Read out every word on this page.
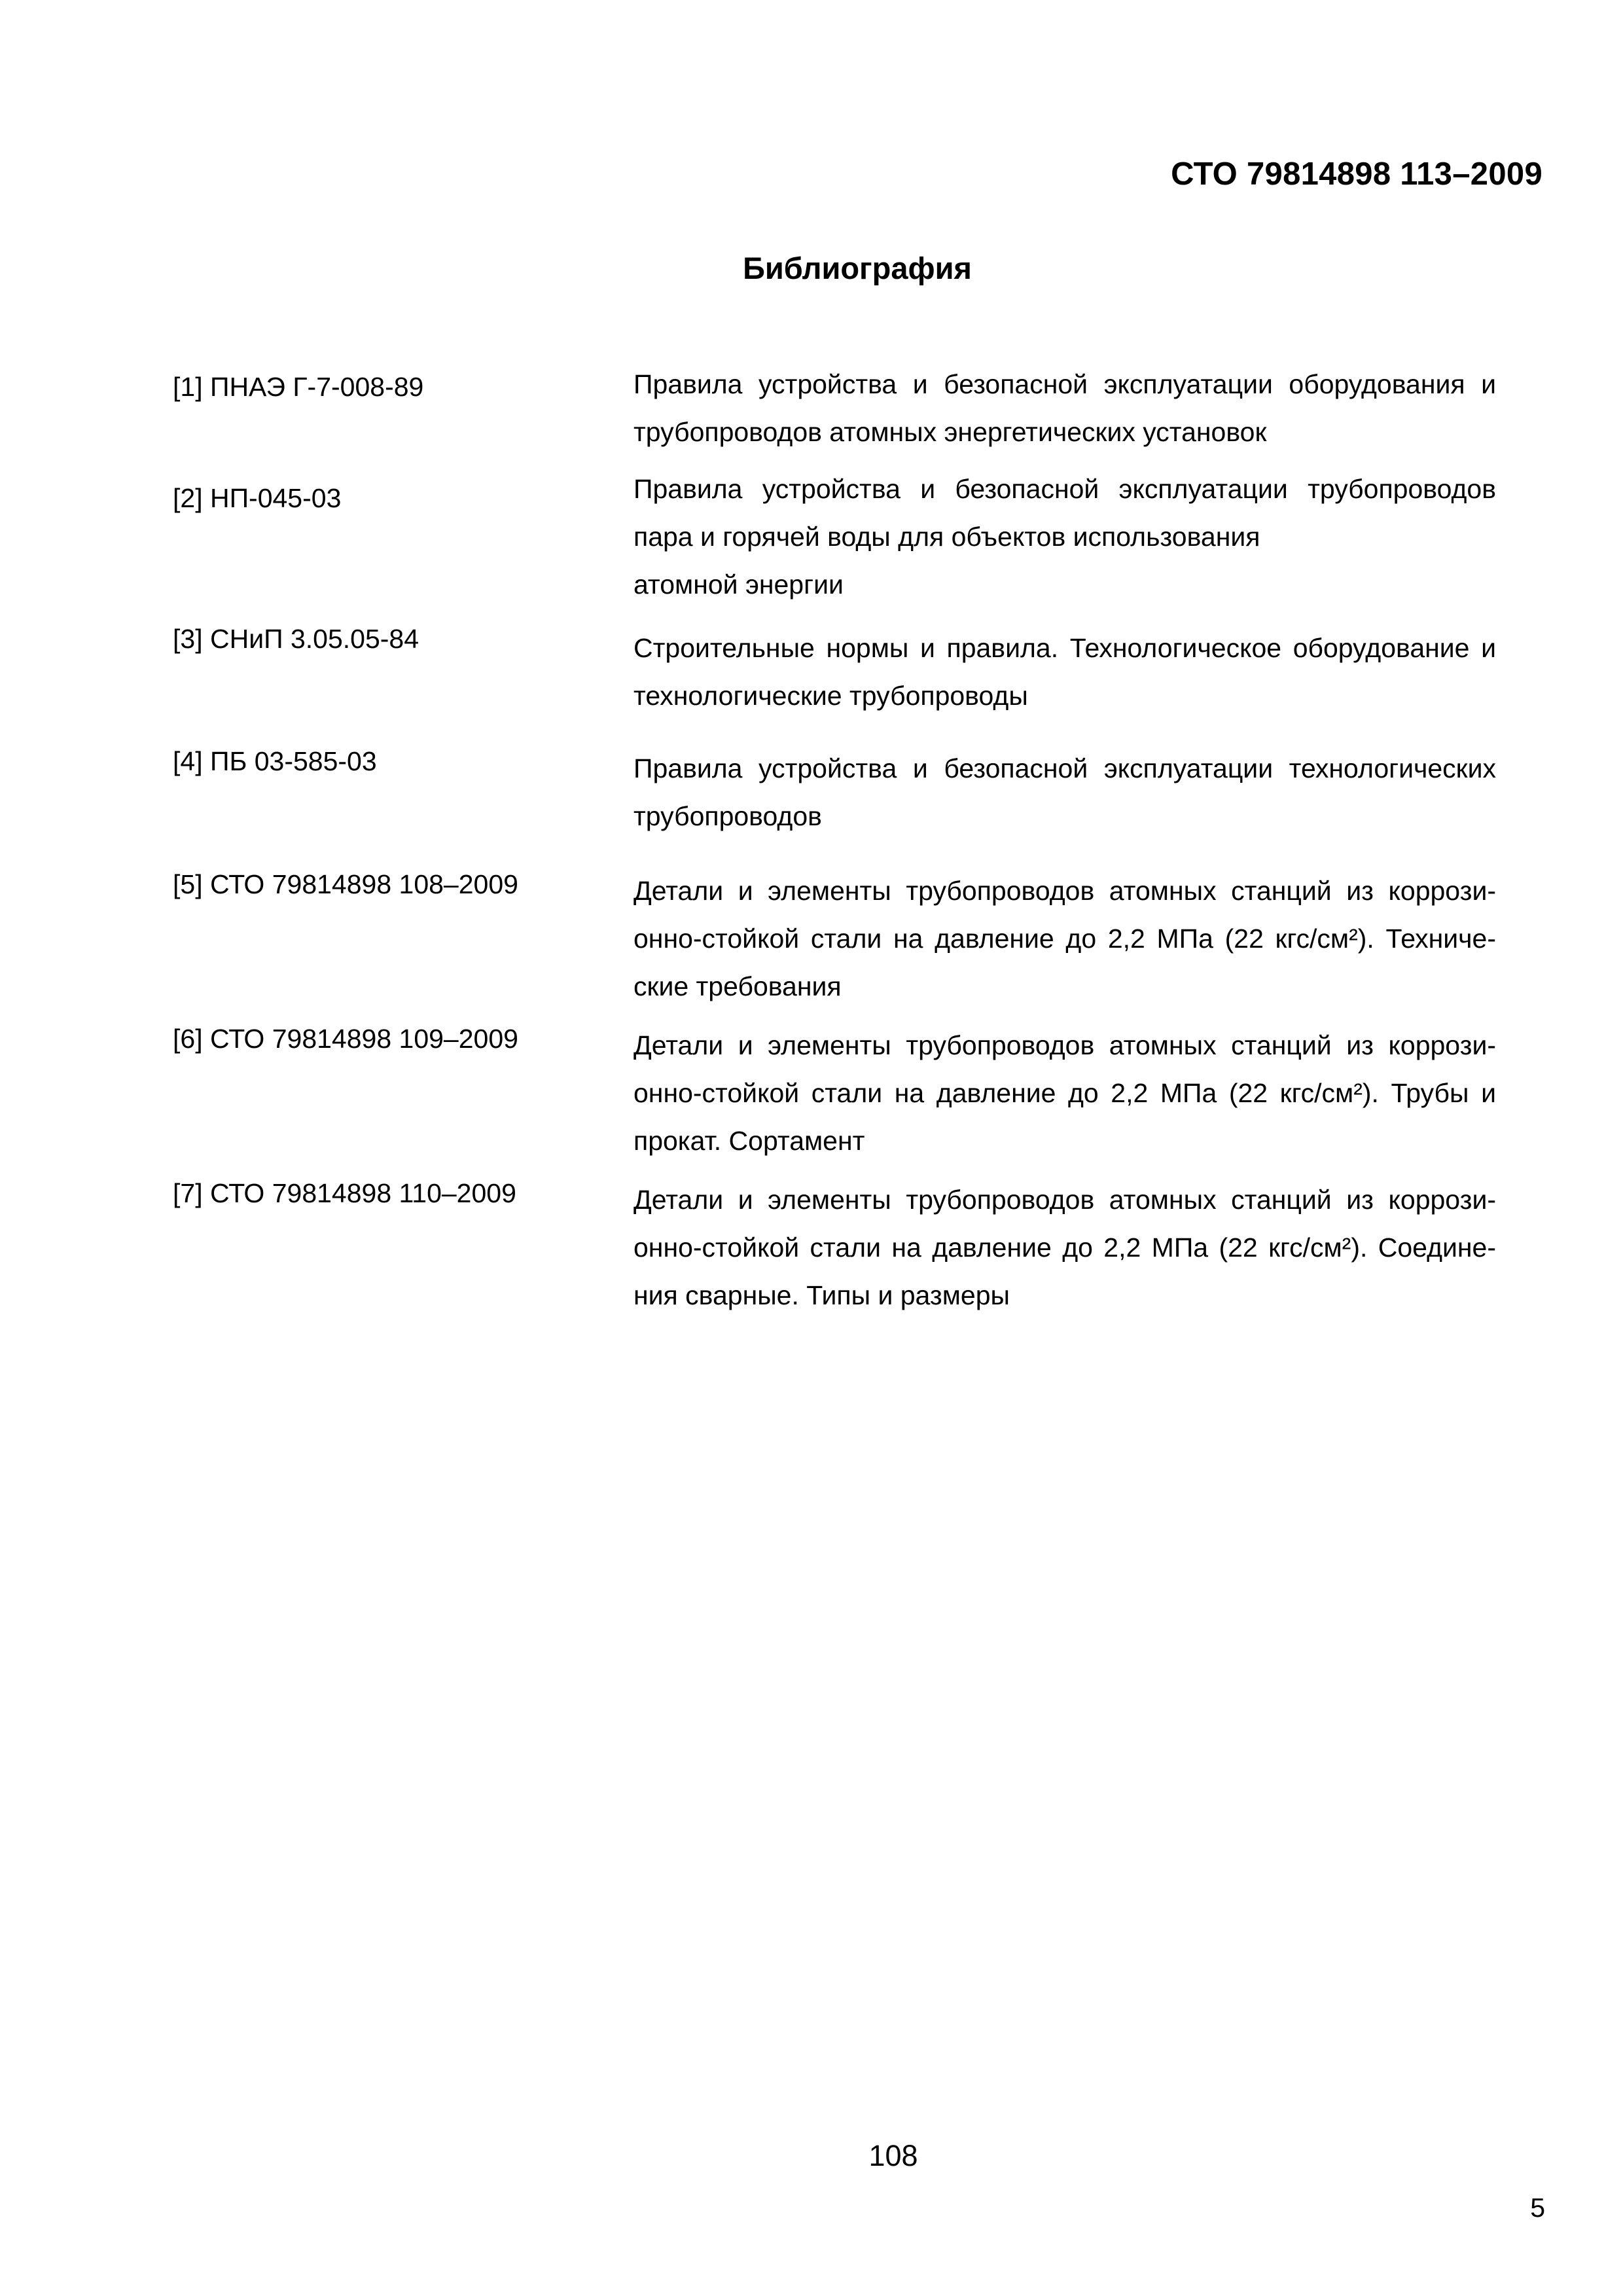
СТО 79814898 113–2009
Библиография
[1] ПНАЭ Г-7-008-89	Правила устройства и безопасной эксплуатации оборудования и
трубопроводов атомных энергетических установок
[2] НП-045-03	Правила устройства и безопасной эксплуатации трубопроводов
пара и горячей воды для объектов использования
атомной энергии
[3] СНиП 3.05.05-84	Строительные нормы и правила. Технологическое оборудование и
технологические трубопроводы
[4] ПБ 03-585-03	Правила устройства и безопасной эксплуатации технологических
трубопроводов
[5] СТО 79814898 108–2009	Детали и элементы трубопроводов атомных станций из коррози-
онно-стойкой стали на давление до 2,2 МПа (22 кгс/см²). Техниче-
ские требования
[6] СТО 79814898 109–2009	Детали и элементы трубопроводов атомных станций из коррози-
онно-стойкой стали на давление до 2,2 МПа (22 кгс/см²). Трубы и
прокат. Сортамент
[7] СТО 79814898 110–2009	Детали и элементы трубопроводов атомных станций из коррози-
онно-стойкой стали на давление до 2,2 МПа (22 кгс/см²). Соедине-
ния сварные. Типы и размеры
108
5
